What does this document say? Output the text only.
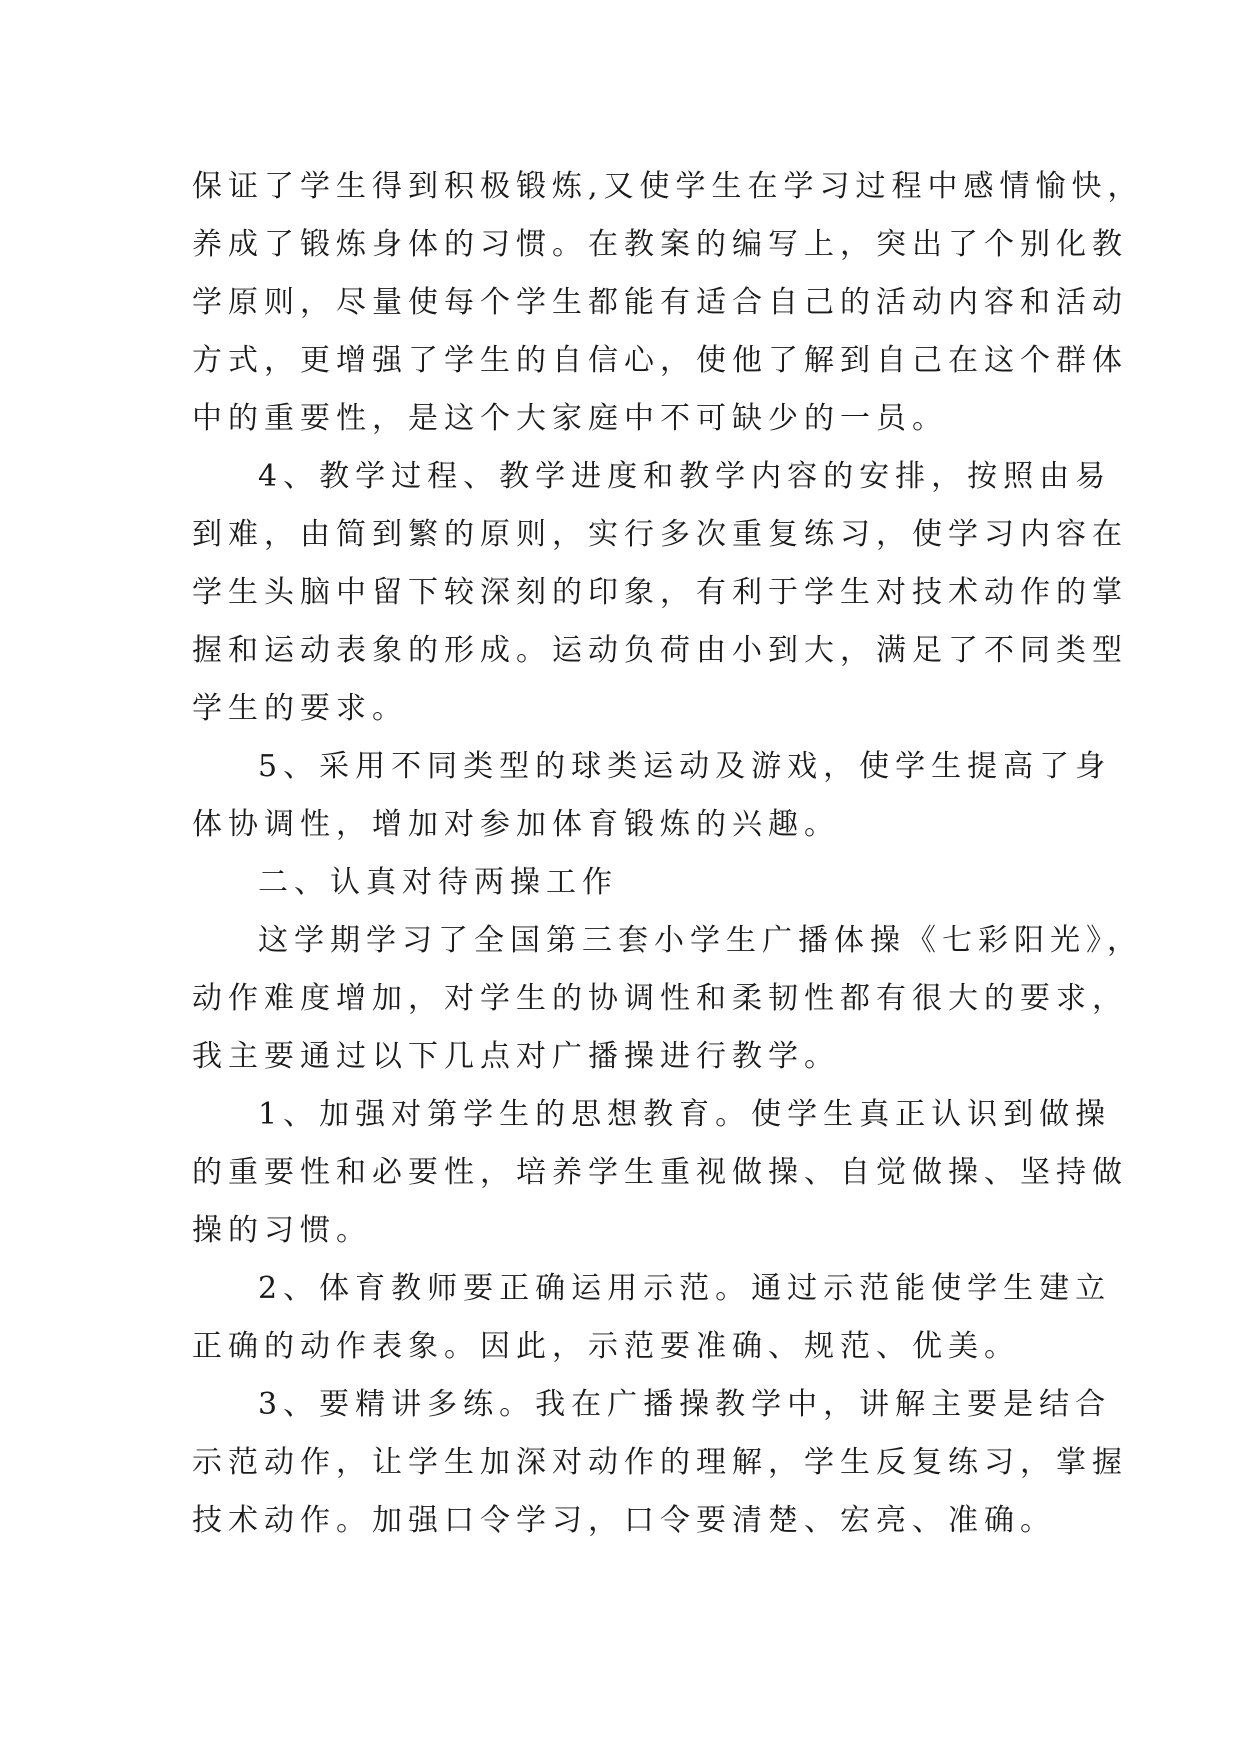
保证了学生得到积极锻炼,又使学生在学习过程中感情愉快，
养成了锻炼身体的习惯。在教案的编写上，突出了个别化教
学原则，尽量使每个学生都能有适合自己的活动内容和活动
方式，更增强了学生的自信心，使他了解到自己在这个群体
中的重要性，是这个大家庭中不可缺少的一员。
4、教学过程、教学进度和教学内容的安排，按照由易
到难，由简到繁的原则，实行多次重复练习，使学习内容在
学生头脑中留下较深刻的印象，有利于学生对技术动作的掌
握和运动表象的形成。运动负荷由小到大，满足了不同类型
学生的要求。
5、采用不同类型的球类运动及游戏，使学生提高了身
体协调性，增加对参加体育锻炼的兴趣。
二、认真对待两操工作
这学期学习了全国第三套小学生广播体操《七彩阳光》，
动作难度增加，对学生的协调性和柔韧性都有很大的要求，
我主要通过以下几点对广播操进行教学。
1、加强对第学生的思想教育。使学生真正认识到做操
的重要性和必要性，培养学生重视做操、自觉做操、坚持做
操的习惯。
2、体育教师要正确运用示范。通过示范能使学生建立
正确的动作表象。因此，示范要准确、规范、优美。
3、要精讲多练。我在广播操教学中，讲解主要是结合
示范动作，让学生加深对动作的理解，学生反复练习，掌握
技术动作。加强口令学习，口令要清楚、宏亮、准确。
